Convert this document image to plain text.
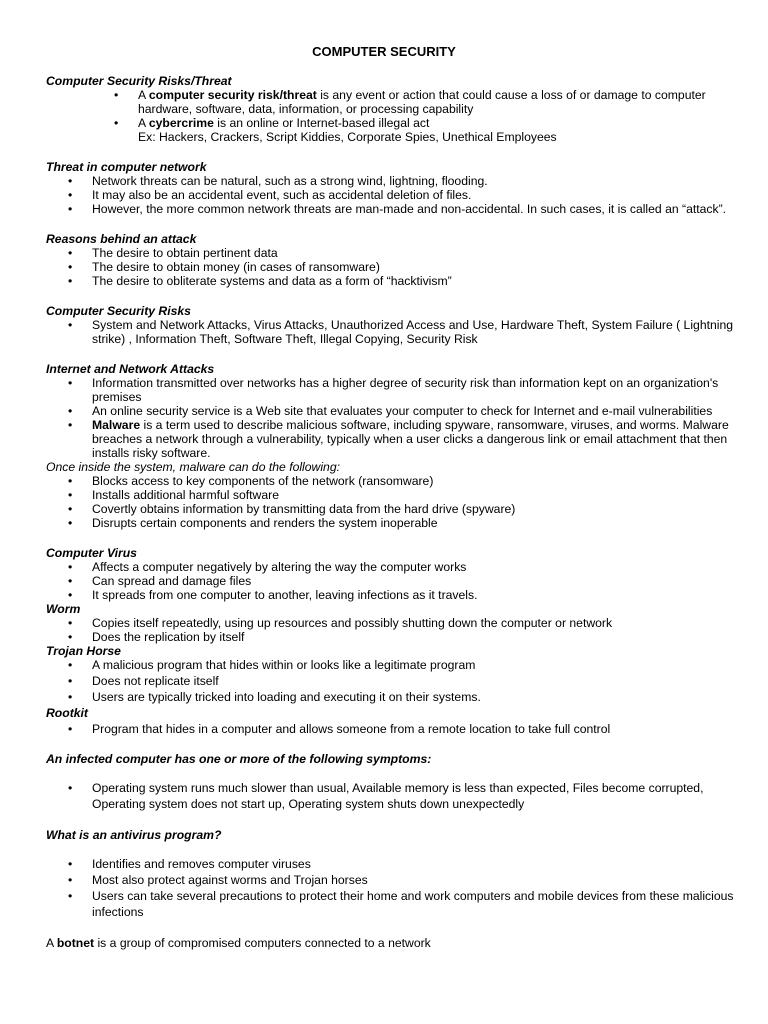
COMPUTER SECURITY

Computer Security Risks/Threat

• A computer security risk/threat is any event or action that could cause a loss of or damage to computer hardware, software, data, information, or processing capability
• A cybercrime is an online or Internet-based illegal act
Ex: Hackers, Crackers, Script Kiddies, Corporate Spies, Unethical Employees

Threat in computer network

• Network threats can be natural, such as a strong wind, lightning, flooding.
• It may also be an accidental event, such as accidental deletion of files.
• However, the more common network threats are man-made and non-accidental. In such cases, it is called an “attack”.

Reasons behind an attack

• The desire to obtain pertinent data
• The desire to obtain money (in cases of ransomware)
• The desire to obliterate systems and data as a form of “hacktivism”

Computer Security Risks

• System and Network Attacks, Virus Attacks, Unauthorized Access and Use, Hardware Theft, System Failure ( Lightning strike) , Information Theft, Software Theft, Illegal Copying, Security Risk

Internet and Network Attacks

• Information transmitted over networks has a higher degree of security risk than information kept on an organization's premises
• An online security service is a Web site that evaluates your computer to check for Internet and e-mail vulnerabilities
• Malware is a term used to describe malicious software, including spyware, ransomware, viruses, and worms. Malware breaches a network through a vulnerability, typically when a user clicks a dangerous link or email attachment that then installs risky software.

Once inside the system, malware can do the following:

• Blocks access to key components of the network (ransomware)
• Installs additional harmful software
• Covertly obtains information by transmitting data from the hard drive (spyware)
• Disrupts certain components and renders the system inoperable

Computer Virus

• Affects a computer negatively by altering the way the computer works
• Can spread and damage files
• It spreads from one computer to another, leaving infections as it travels.

Worm

• Copies itself repeatedly, using up resources and possibly shutting down the computer or network
• Does the replication by itself

Trojan Horse

• A malicious program that hides within or looks like a legitimate program
• Does not replicate itself
• Users are typically tricked into loading and executing it on their systems.

Rootkit

• Program that hides in a computer and allows someone from a remote location to take full control

An infected computer has one or more of the following symptoms:

• Operating system runs much slower than usual, Available memory is less than expected, Files become corrupted, Operating system does not start up, Operating system shuts down unexpectedly

What is an antivirus program?

• Identifies and removes computer viruses
• Most also protect against worms and Trojan horses
• Users can take several precautions to protect their home and work computers and mobile devices from these malicious infections

A botnet is a group of compromised computers connected to a network
